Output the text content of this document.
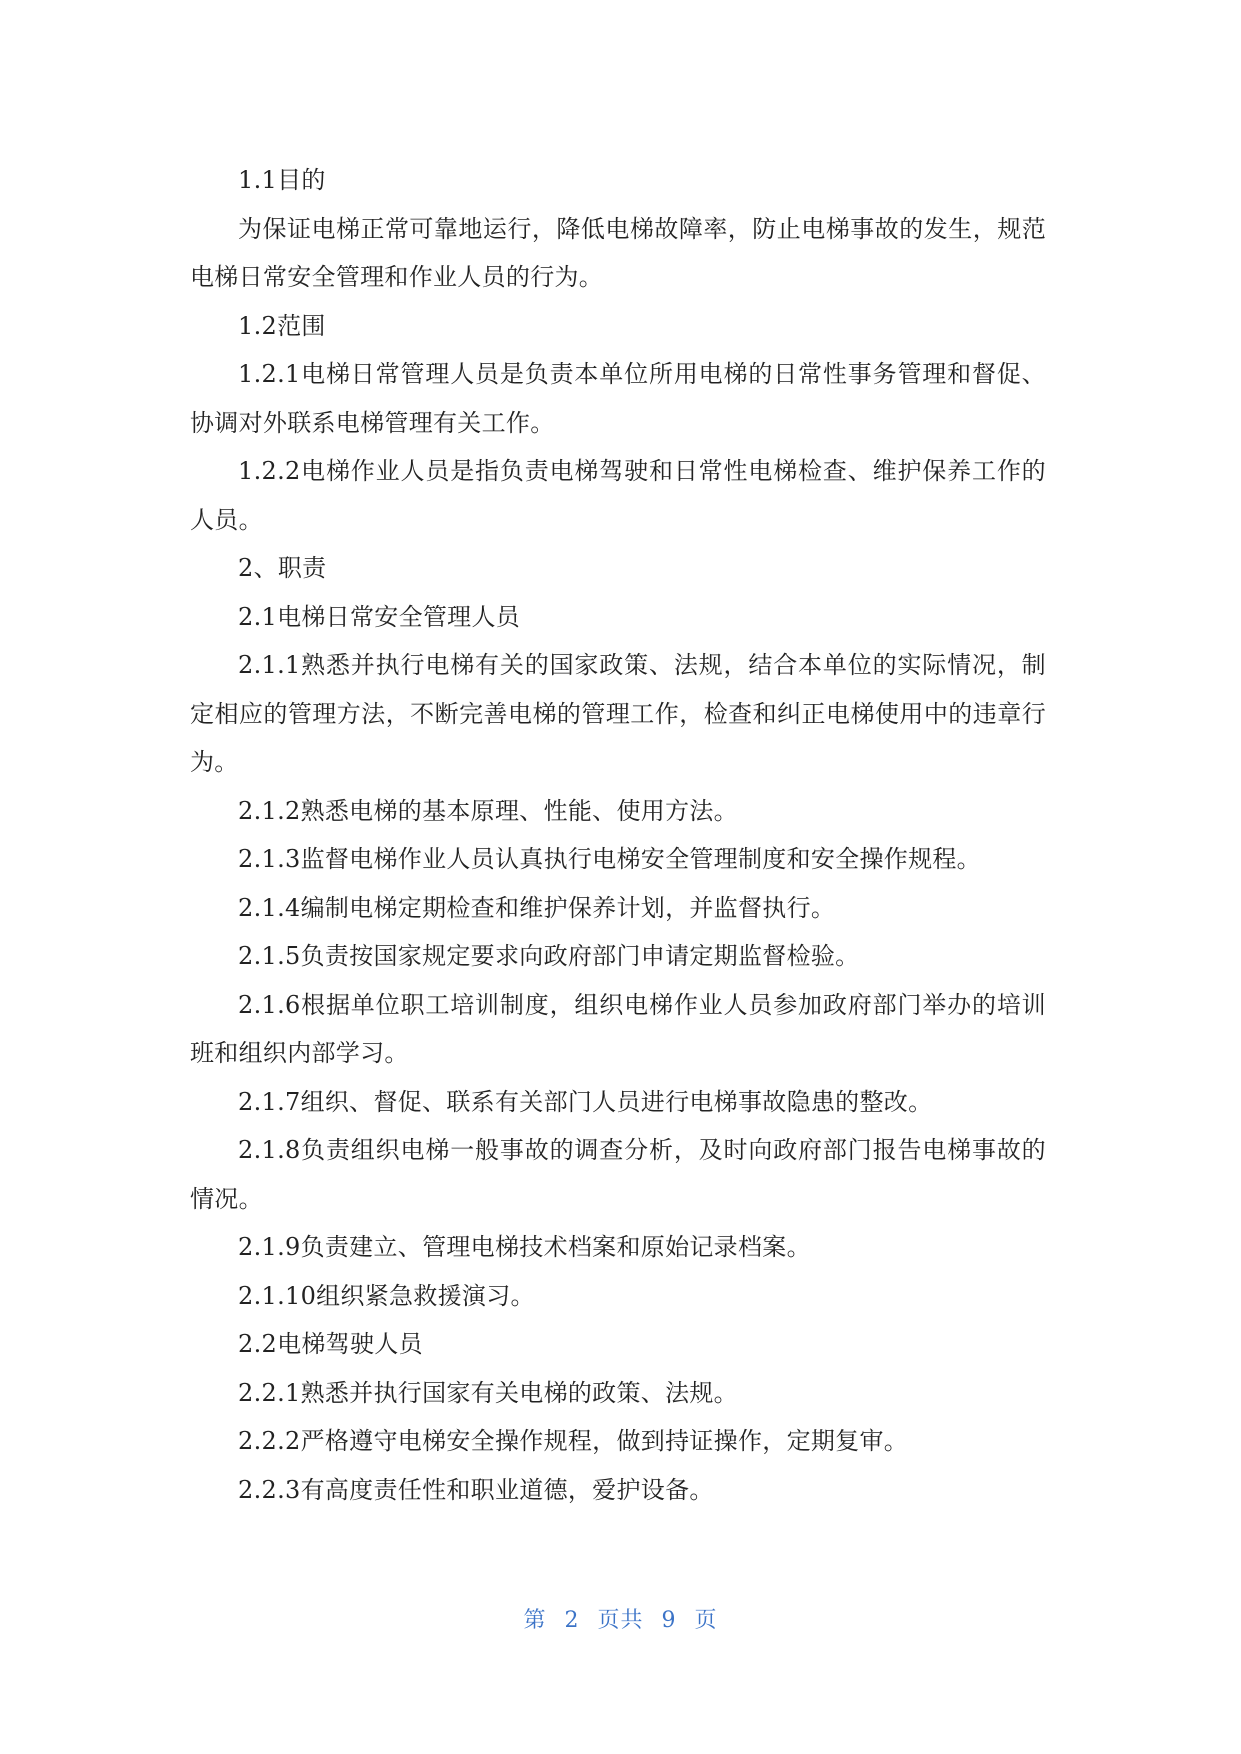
1.1目的

为保证电梯正常可靠地运行，降低电梯故障率，防止电梯事故的发生，规范电梯日常安全管理和作业人员的行为。

1.2范围

1.2.1电梯日常管理人员是负责本单位所用电梯的日常性事务管理和督促、协调对外联系电梯管理有关工作。

1.2.2电梯作业人员是指负责电梯驾驶和日常性电梯检查、维护保养工作的人员。

2、职责

2.1电梯日常安全管理人员

2.1.1熟悉并执行电梯有关的国家政策、法规，结合本单位的实际情况，制定相应的管理方法，不断完善电梯的管理工作，检查和纠正电梯使用中的违章行为。

2.1.2熟悉电梯的基本原理、性能、使用方法。

2.1.3监督电梯作业人员认真执行电梯安全管理制度和安全操作规程。

2.1.4编制电梯定期检查和维护保养计划，并监督执行。

2.1.5负责按国家规定要求向政府部门申请定期监督检验。

2.1.6根据单位职工培训制度，组织电梯作业人员参加政府部门举办的培训班和组织内部学习。

2.1.7组织、督促、联系有关部门人员进行电梯事故隐患的整改。

2.1.8负责组织电梯一般事故的调查分析，及时向政府部门报告电梯事故的情况。

2.1.9负责建立、管理电梯技术档案和原始记录档案。

2.1.10组织紧急救援演习。

2.2电梯驾驶人员

2.2.1熟悉并执行国家有关电梯的政策、法规。

2.2.2严格遵守电梯安全操作规程，做到持证操作，定期复审。

2.2.3有高度责任性和职业道德，爱护设备。

第 2 页共 9 页
